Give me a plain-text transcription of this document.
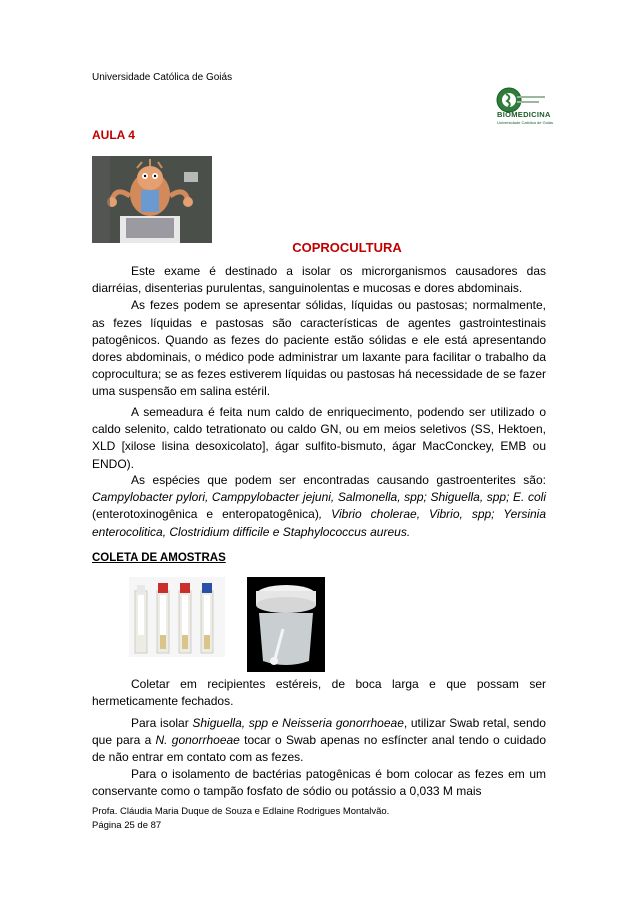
Universidade Católica de Goiás
BIOMEDICINA
Universidade Católica de Goiás
AULA 4
COPROCULTURA

Este exame é destinado a isolar os microrganismos causadores das diarréias, disenterias purulentas, sanguinolentas e mucosas e dores abdominais.

As fezes podem se apresentar sólidas, líquidas ou pastosas; normalmente, as fezes líquidas e pastosas são características de agentes gastrointestinais patogênicos. Quando as fezes do paciente estão sólidas e ele está apresentando dores abdominais, o médico pode administrar um laxante para facilitar o trabalho da coprocultura; se as fezes estiverem líquidas ou pastosas há necessidade de se fazer uma suspensão em salina estéril.

A semeadura é feita num caldo de enriquecimento, podendo ser utilizado o caldo selenito, caldo tetrationato ou caldo GN, ou em meios seletivos (SS, Hektoen, XLD [xilose lisina desoxicolato], ágar sulfito-bismuto, ágar MacConckey, EMB ou ENDO).

As espécies que podem ser encontradas causando gastroenterites são: Campylobacter pylori, Camppylobacter jejuni, Salmonella, spp; Shiguella, spp; E. coli (enterotoxinogênica e enteropatogênica), Vibrio cholerae, Vibrio, spp; Yersinia enterocolitica, Clostridium difficile e Staphylococcus aureus.

COLETA DE AMOSTRAS

Coletar em recipientes estéreis, de boca larga e que possam ser hermeticamente fechados.

Para isolar Shiguella, spp e Neisseria gonorrhoeae, utilizar Swab retal, sendo que para a N. gonorrhoeae tocar o Swab apenas no esfíncter anal tendo o cuidado de não entrar em contato com as fezes.

Para o isolamento de bactérias patogênicas é bom colocar as fezes em um conservante como o tampão fosfato de sódio ou potássio a 0,033 M mais

Profa. Cláudia Maria Duque de Souza e Edlaine Rodrigues Montalvão.
Página 25 de 87
